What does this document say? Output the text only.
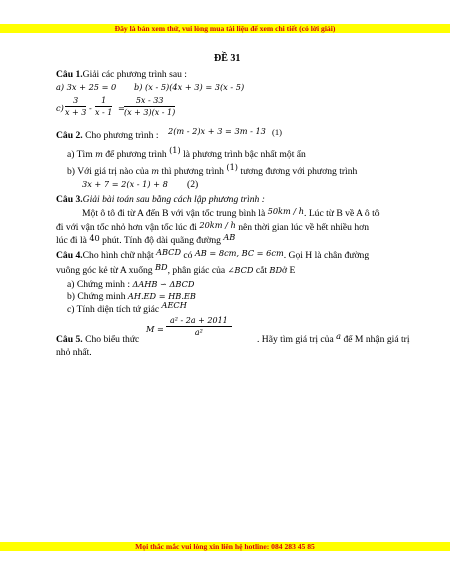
Đây là bản xem thử, vui lòng mua tài liệu để xem chi tiết (có lời giải)
ĐỀ 31
Câu 1.Giải các phương trình sau :
a) 3x + 25 = 0 b) (x - 5)(4x + 3) = 3(x - 5)
$c) \frac{3}{x + 3} - \frac{1}{x - 1} = \frac{5x - 33}{(x + 3)(x - 1)}$
Câu 2. Cho phương trình : 2(m - 2)x + 3 = 3m - 13 (1)
a) Tìm m để phương trình (1) là phương trình bậc nhất một ẩn
b) Với giá trị nào của m thì phương trình (1) tương đương với phương trình
3x + 7 = 2(x - 1) + 8 (2)
Câu 3.Giải bài toán sau bằng cách lập phương trình :
Một ô tô đi từ A đến B với vận tốc trung bình là 50km / h. Lúc từ B về A ô tô
đi với vận tốc nhỏ hơn vận tốc lúc đi 20km / h nên thời gian lúc về hết nhiều hơn
lúc đi là 40 phút. Tính độ dài quãng đường AB
Câu 4.Cho hình chữ nhật ABCD có AB = 8cm, BC = 6cm. Gọi H là chân đường
vuông góc kẻ từ A xuống BD, phân giác của ∠BCD cắt BDở E
a) Chứng minh : ΔAHB ∽ ΔBCD
b) Chứng minh AH.ED = HB.EB
c) Tính diện tích tứ giác AECH
Câu 5. Cho biểu thức
$M = \frac{\text{a² - 2a + 2011}}{\text{a²}}$
. Hãy tìm giá trị của a để M nhận giá trị
nhỏ nhất.
Mọi thắc mắc vui lòng xin liên hệ hotline: 084 283 45 85
